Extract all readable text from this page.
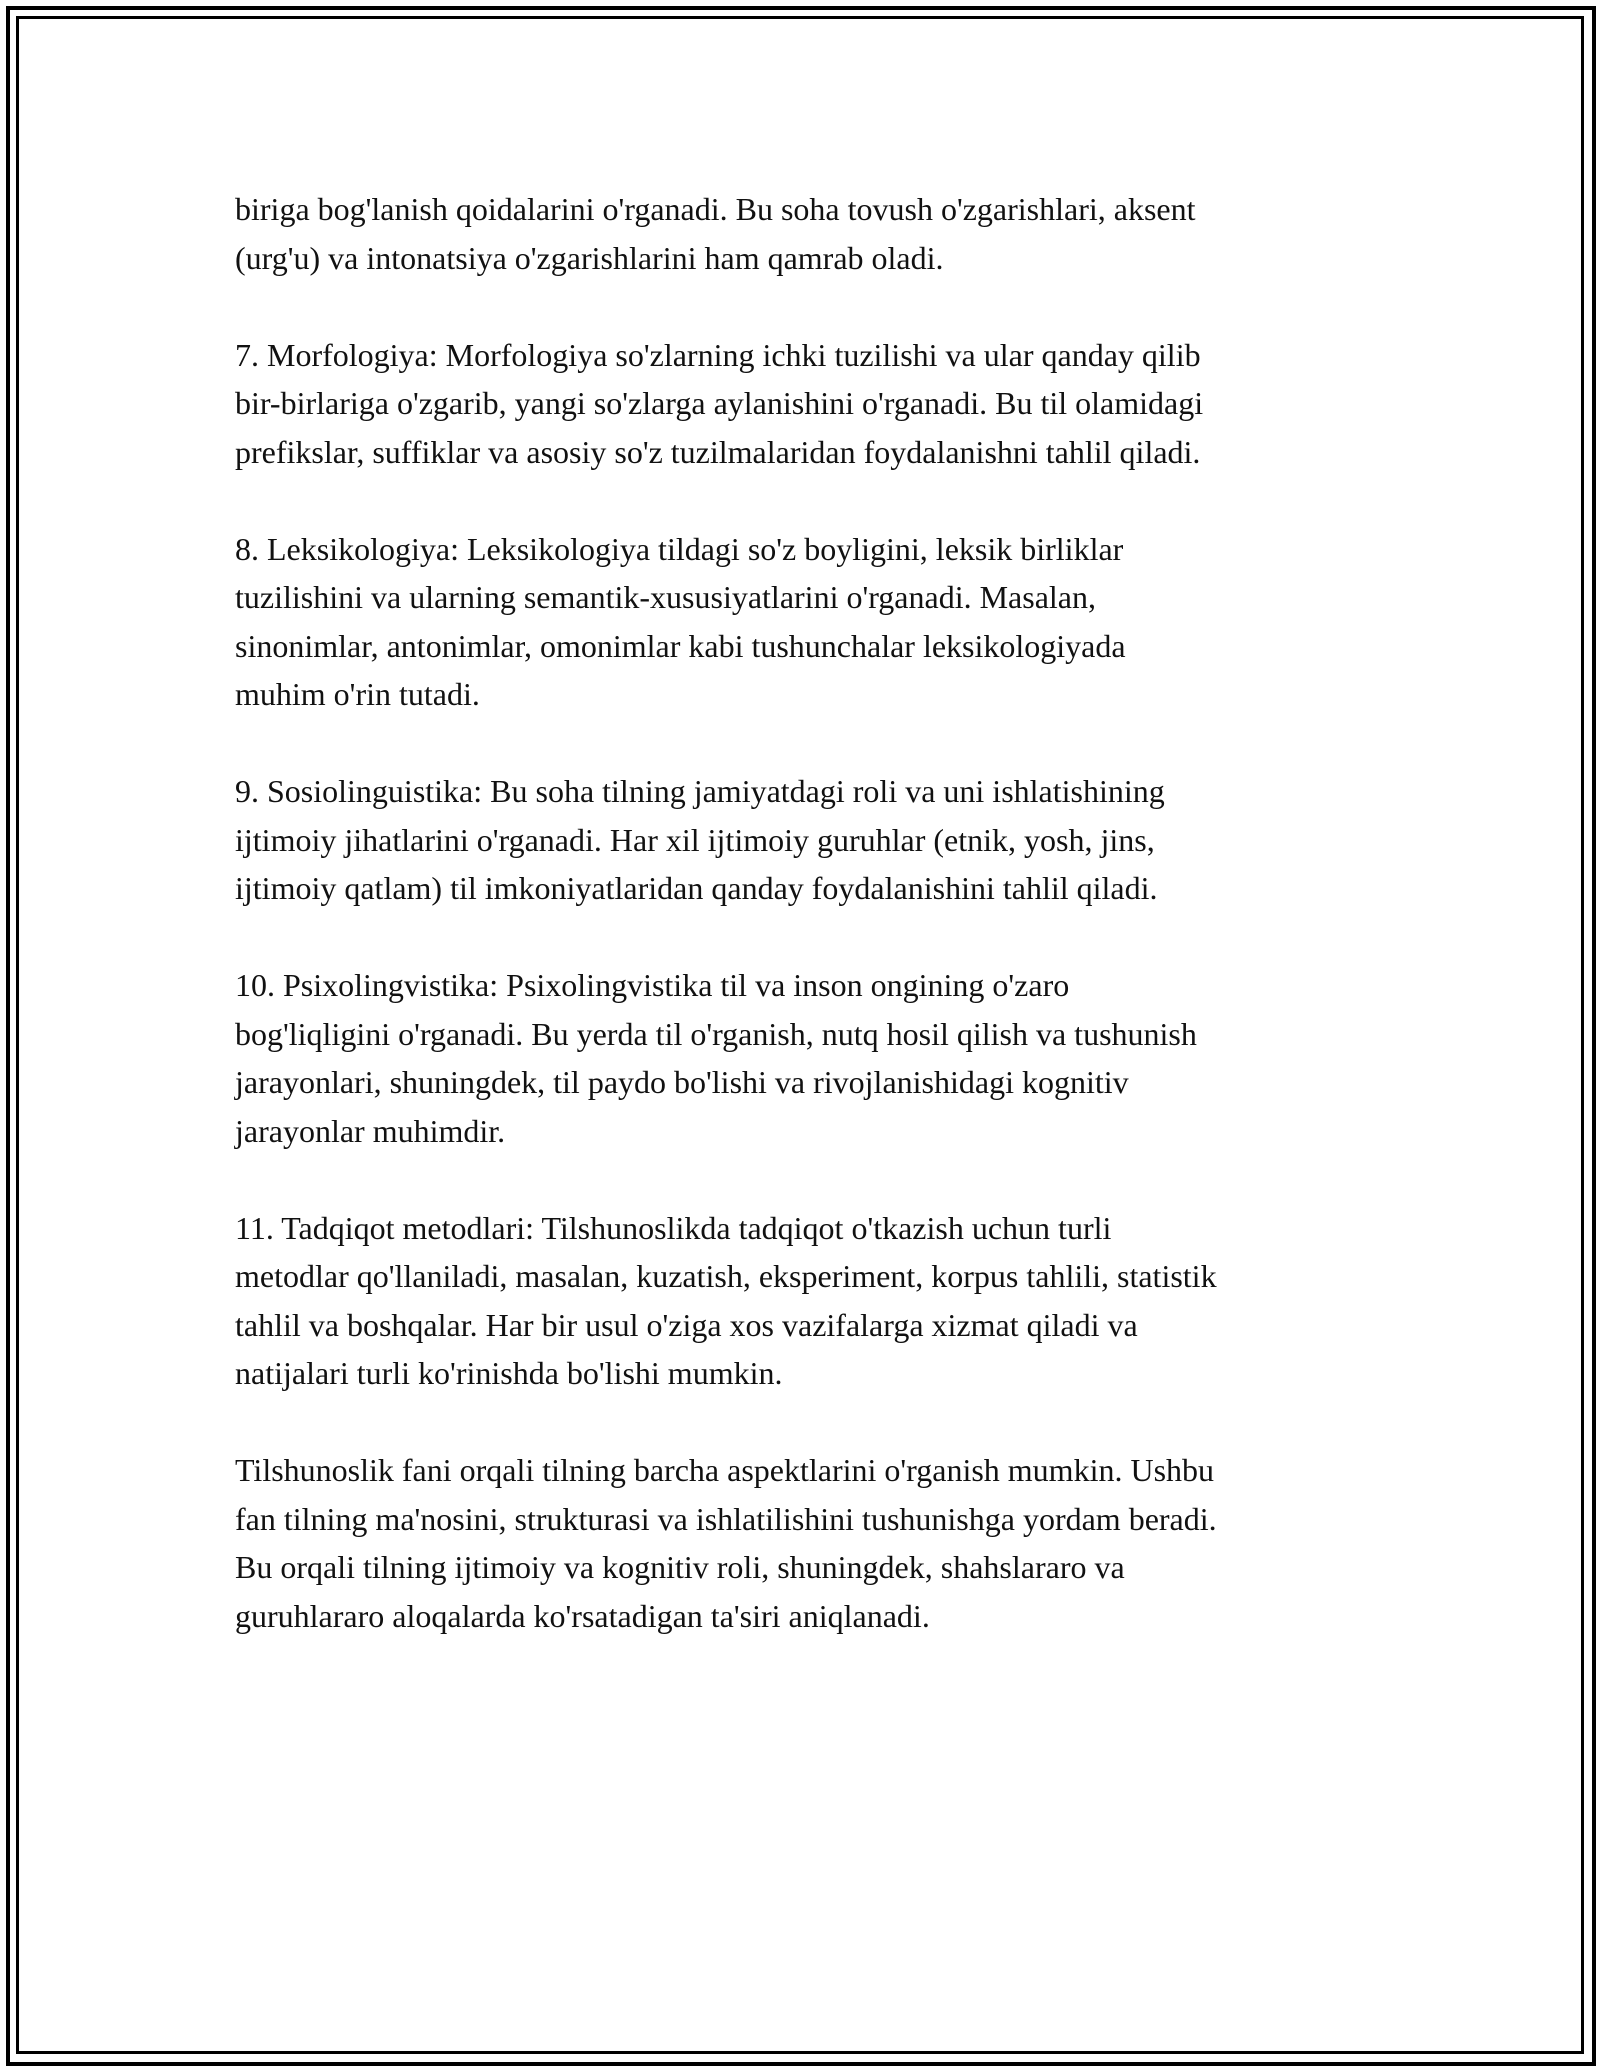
biriga bog'lanish qoidalarini o'rganadi. Bu soha tovush o'zgarishlari, aksent
(urg'u) va intonatsiya o'zgarishlarini ham qamrab oladi.

7. Morfologiya: Morfologiya so'zlarning ichki tuzilishi va ular qanday qilib
bir-birlariga o'zgarib, yangi so'zlarga aylanishini o'rganadi. Bu til olamidagi
prefikslar, suffiklar va asosiy so'z tuzilmalaridan foydalanishni tahlil qiladi.

8. Leksikologiya: Leksikologiya tildagi so'z boyligini, leksik birliklar
tuzilishini va ularning semantik-xususiyatlarini o'rganadi. Masalan,
sinonimlar, antonimlar, omonimlar kabi tushunchalar leksikologiyada
muhim o'rin tutadi.

9. Sosiolinguistika: Bu soha tilning jamiyatdagi roli va uni ishlatishining
ijtimoiy jihatlarini o'rganadi. Har xil ijtimoiy guruhlar (etnik, yosh, jins,
ijtimoiy qatlam) til imkoniyatlaridan qanday foydalanishini tahlil qiladi.

10. Psixolingvistika: Psixolingvistika til va inson ongining o'zaro
bog'liqligini o'rganadi. Bu yerda til o'rganish, nutq hosil qilish va tushunish
jarayonlari, shuningdek, til paydo bo'lishi va rivojlanishidagi kognitiv
jarayonlar muhimdir.

11. Tadqiqot metodlari: Tilshunoslikda tadqiqot o'tkazish uchun turli
metodlar qo'llaniladi, masalan, kuzatish, eksperiment, korpus tahlili, statistik
tahlil va boshqalar. Har bir usul o'ziga xos vazifalarga xizmat qiladi va
natijalari turli ko'rinishda bo'lishi mumkin.

Tilshunoslik fani orqali tilning barcha aspektlarini o'rganish mumkin. Ushbu
fan tilning ma'nosini, strukturasi va ishlatilishini tushunishga yordam beradi.
Bu orqali tilning ijtimoiy va kognitiv roli, shuningdek, shahslararo va
guruhlararo aloqalarda ko'rsatadigan ta'siri aniqlanadi.
